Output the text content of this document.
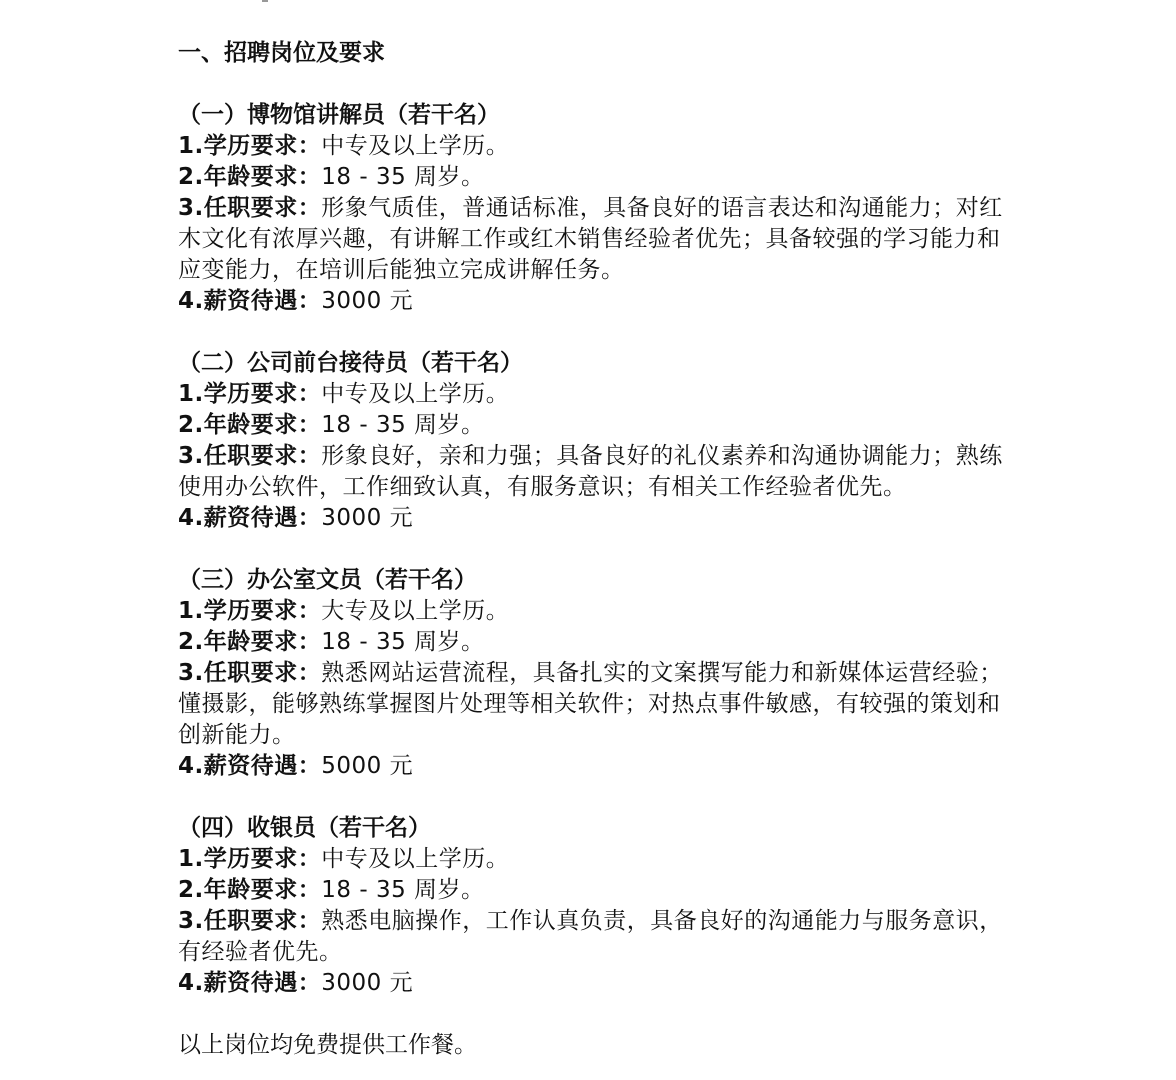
一、招聘岗位及要求
（一）博物馆讲解员（若干名）
1.学历要求：中专及以上学历。
2.年龄要求：18 - 35 周岁。
3.任职要求：形象气质佳，普通话标准，具备良好的语言表达和沟通能力；对红木文化有浓厚兴趣，有讲解工作或红木销售经验者优先；具备较强的学习能力和应变能力，在培训后能独立完成讲解任务。
4.薪资待遇：3000 元
（二）公司前台接待员（若干名）
1.学历要求：中专及以上学历。
2.年龄要求：18 - 35 周岁。
3.任职要求：形象良好，亲和力强；具备良好的礼仪素养和沟通协调能力；熟练使用办公软件，工作细致认真，有服务意识；有相关工作经验者优先。
4.薪资待遇：3000 元
（三）办公室文员（若干名）
1.学历要求：大专及以上学历。
2.年龄要求：18 - 35 周岁。
3.任职要求：熟悉网站运营流程，具备扎实的文案撰写能力和新媒体运营经验；懂摄影，能够熟练掌握图片处理等相关软件；对热点事件敏感，有较强的策划和创新能力。
4.薪资待遇：5000 元
（四）收银员（若干名）
1.学历要求：中专及以上学历。
2.年龄要求：18 - 35 周岁。
3.任职要求：熟悉电脑操作，工作认真负责，具备良好的沟通能力与服务意识，有经验者优先。
4.薪资待遇：3000 元
以上岗位均免费提供工作餐。
